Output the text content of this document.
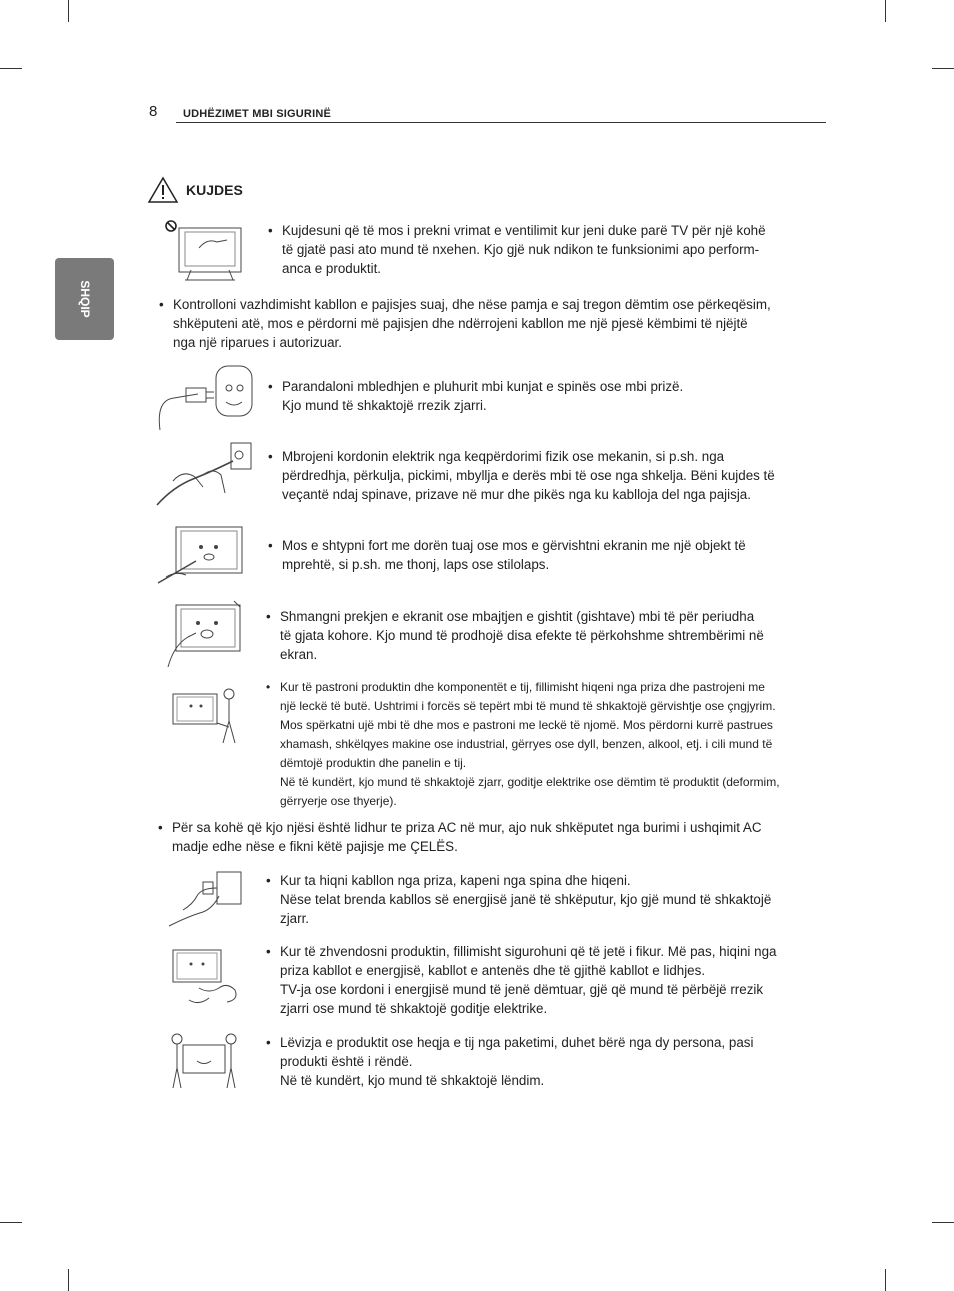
8 UDHËZIMET MBI SIGURINË
SHQIP
KUJDES
• Kujdesuni që të mos i prekni vrimat e ventilimit kur jeni duke parë TV për një kohë
të gjatë pasi ato mund të nxehen. Kjo gjë nuk ndikon te funksionimi apo perform-
anca e produktit.
• Kontrolloni vazhdimisht kabllon e pajisjes suaj, dhe nëse pamja e saj tregon dëmtim ose përkeqësim,
shkëputeni atë, mos e përdorni më pajisjen dhe ndërrojeni kabllon me një pjesë këmbimi të njëjtë
nga një riparues i autorizuar.
• Parandaloni mbledhjen e pluhurit mbi kunjat e spinës ose mbi prizë.
Kjo mund të shkaktojë rrezik zjarri.
• Mbrojeni kordonin elektrik nga keqpërdorimi fizik ose mekanin, si p.sh. nga
përdredhja, përkulja, pickimi, mbyllja e derës mbi të ose nga shkelja. Bëni kujdes të
veçantë ndaj spinave, prizave në mur dhe pikës nga ku kablloja del nga pajisja.
• Mos e shtypni fort me dorën tuaj ose mos e gërvishtni ekranin me një objekt të
mprehtë, si p.sh. me thonj, laps ose stilolaps.
• Shmangni prekjen e ekranit ose mbajtjen e gishtit (gishtave) mbi të për periudha
të gjata kohore. Kjo mund të prodhojë disa efekte të përkohshme shtrembërimi në
ekran.
• Kur të pastroni produktin dhe komponentët e tij, fillimisht hiqeni nga priza dhe pastrojeni me
një leckë të butë. Ushtrimi i forcës së tepërt mbi të mund të shkaktojë gërvishtje ose çngjyrim.
Mos spërkatni ujë mbi të dhe mos e pastroni me leckë të njomë. Mos përdorni kurrë pastrues
xhamash, shkëlqyes makine ose industrial, gërryes ose dyll, benzen, alkool, etj. i cili mund të
dëmtojë produktin dhe panelin e tij.
Në të kundërt, kjo mund të shkaktojë zjarr, goditje elektrike ose dëmtim të produktit (deformim,
gërryerje ose thyerje).
• Për sa kohë që kjo njësi është lidhur te priza AC në mur, ajo nuk shkëputet nga burimi i ushqimit AC
madje edhe nëse e fikni këtë pajisje me ÇELËS.
• Kur ta hiqni kabllon nga priza, kapeni nga spina dhe hiqeni.
Nëse telat brenda kabllos së energjisë janë të shkëputur, kjo gjë mund të shkaktojë
zjarr.
• Kur të zhvendosni produktin, fillimisht sigurohuni që të jetë i fikur. Më pas, hiqini nga
priza kabllot e energjisë, kabllot e antenës dhe të gjithë kabllot e lidhjes.
TV-ja ose kordoni i energjisë mund të jenë dëmtuar, gjë që mund të përbëjë rrezik
zjarri ose mund të shkaktojë goditje elektrike.
• Lëvizja e produktit ose heqja e tij nga paketimi, duhet bërë nga dy persona, pasi
produkti është i rëndë.
Në të kundërt, kjo mund të shkaktojë lëndim.
